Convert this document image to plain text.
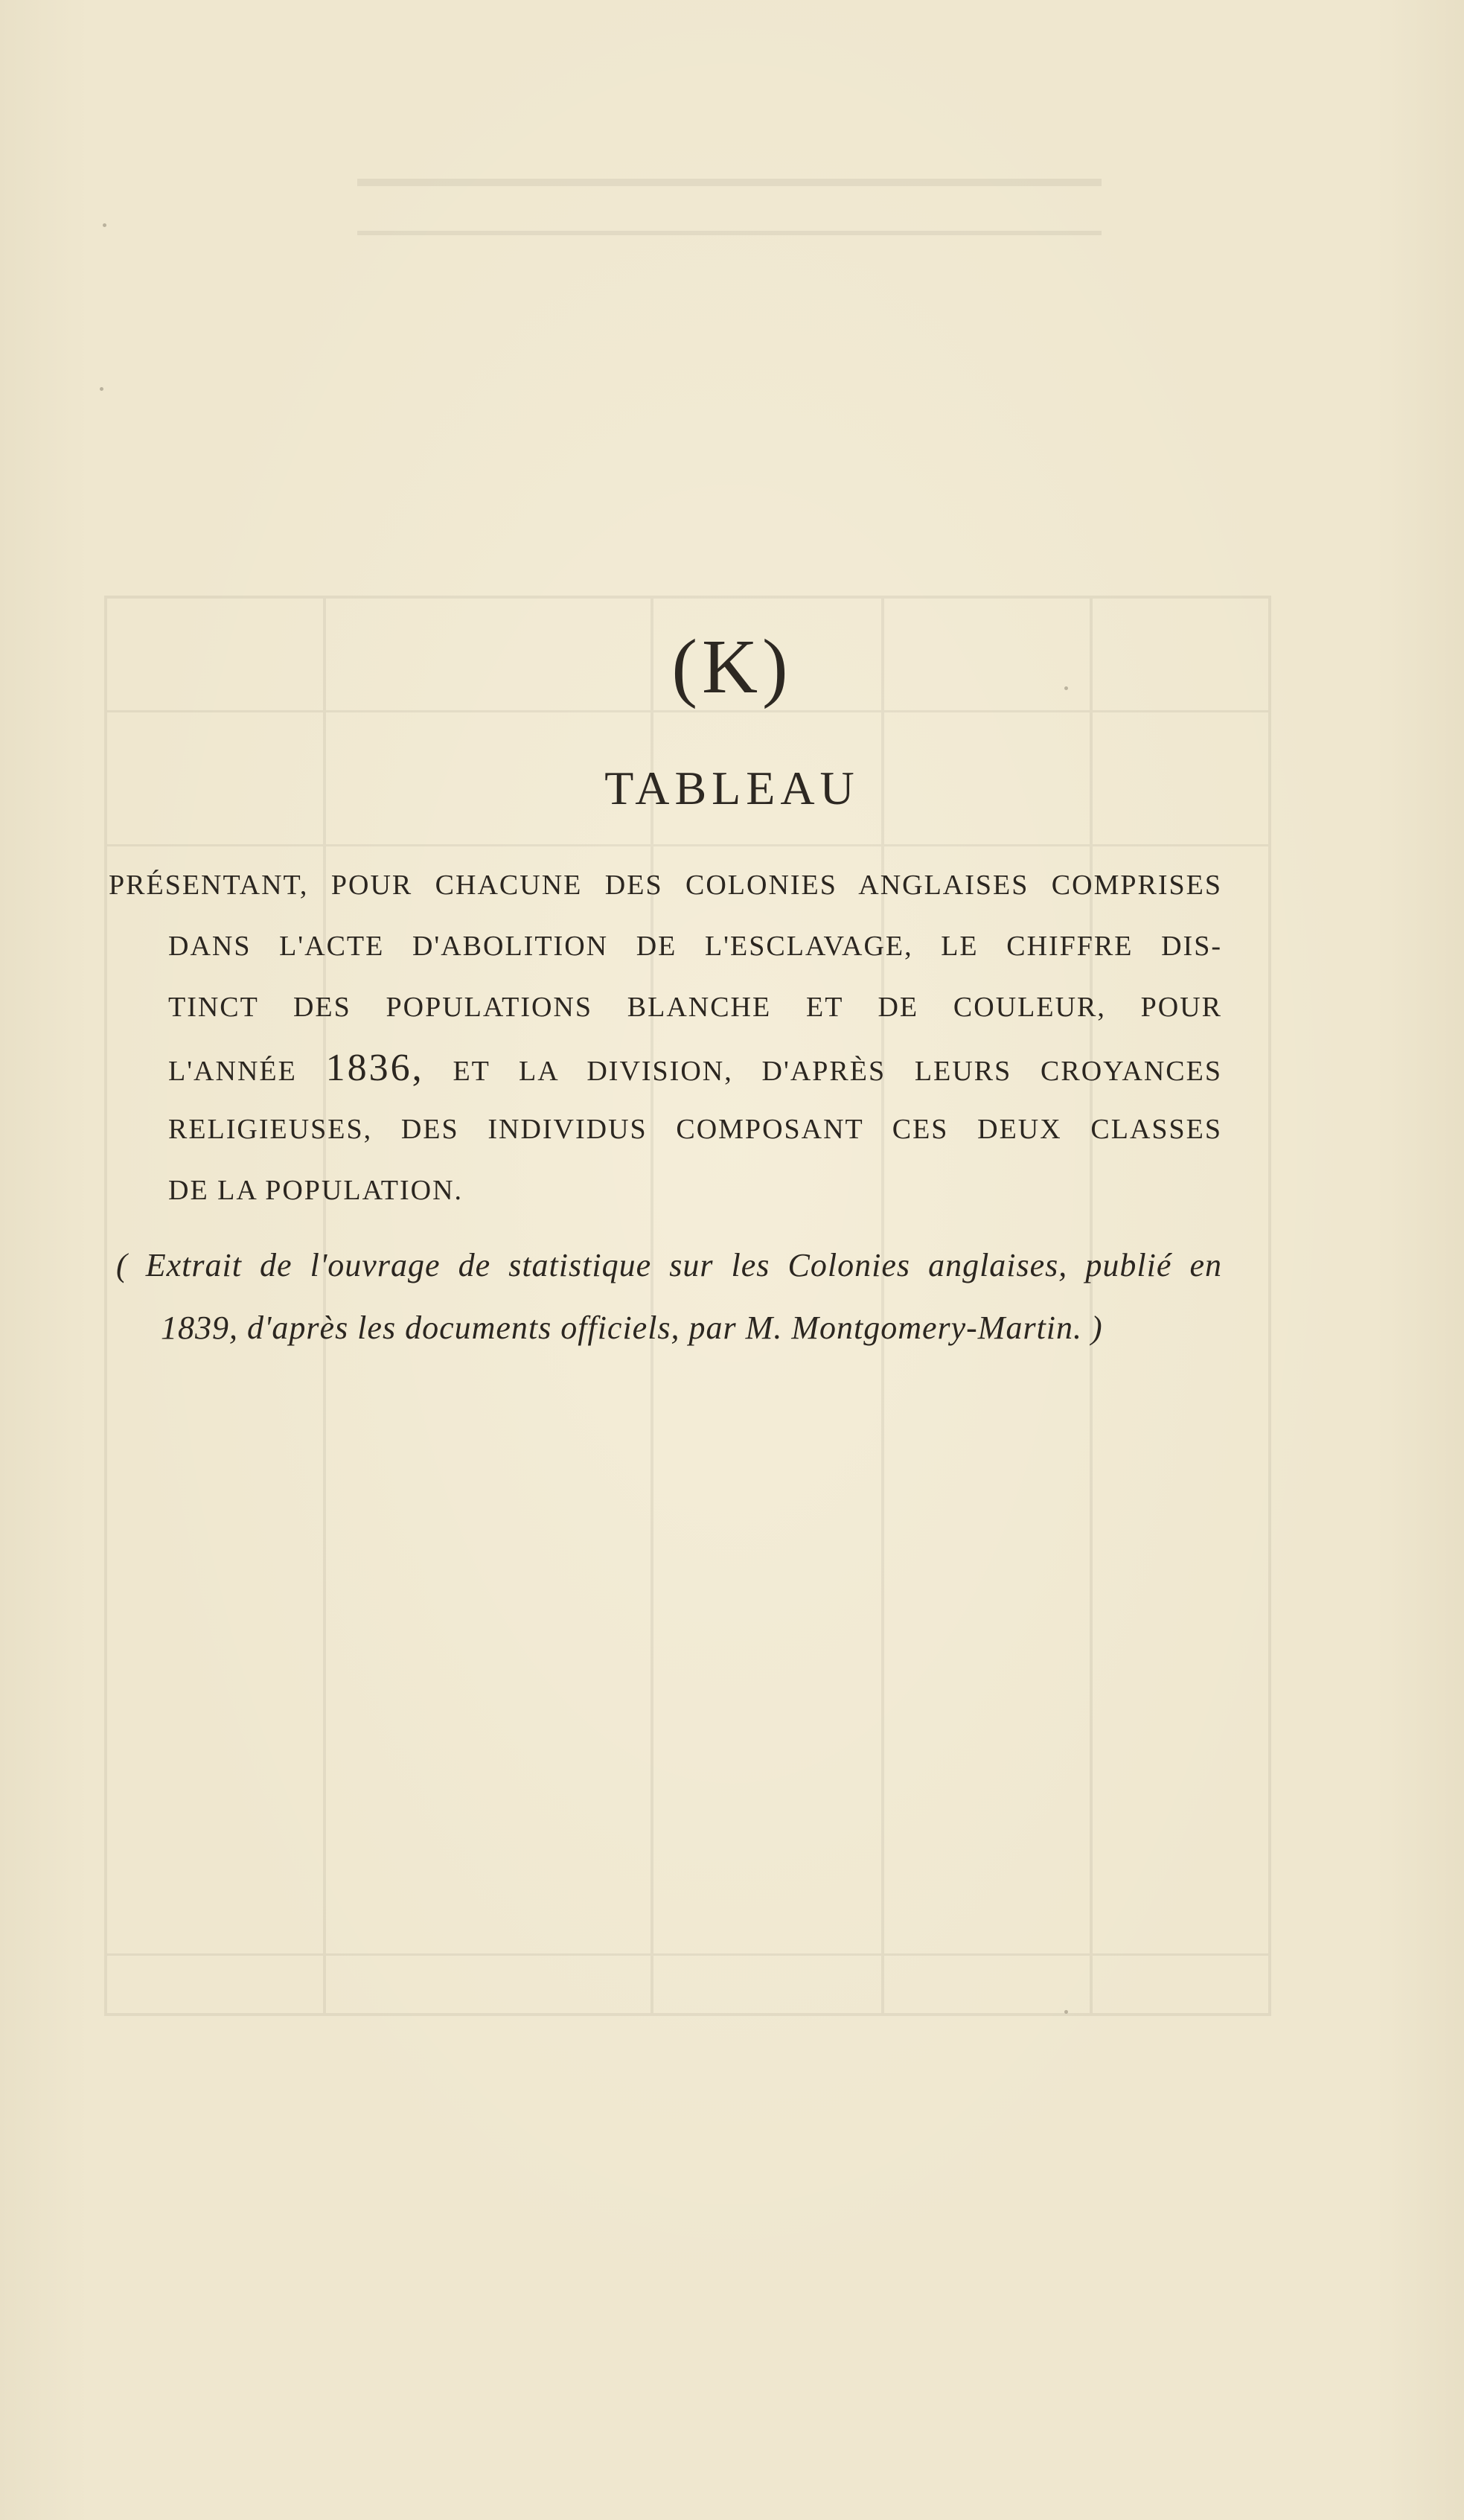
(K)
TABLEAU
PRÉSENTANT, POUR CHACUNE DES COLONIES ANGLAISES COMPRISES
DANS L'ACTE D'ABOLITION DE L'ESCLAVAGE, LE CHIFFRE DIS-
TINCT DES POPULATIONS BLANCHE ET DE COULEUR, POUR
L'ANNÉE 1836, ET LA DIVISION, D'APRÈS LEURS CROYANCES
RELIGIEUSES, DES INDIVIDUS COMPOSANT CES DEUX CLASSES
DE LA POPULATION.
( Extrait de l'ouvrage de statistique sur les Colonies anglaises, publié en
1839, d'après les documents officiels, par M. Montgomery-Martin. )
